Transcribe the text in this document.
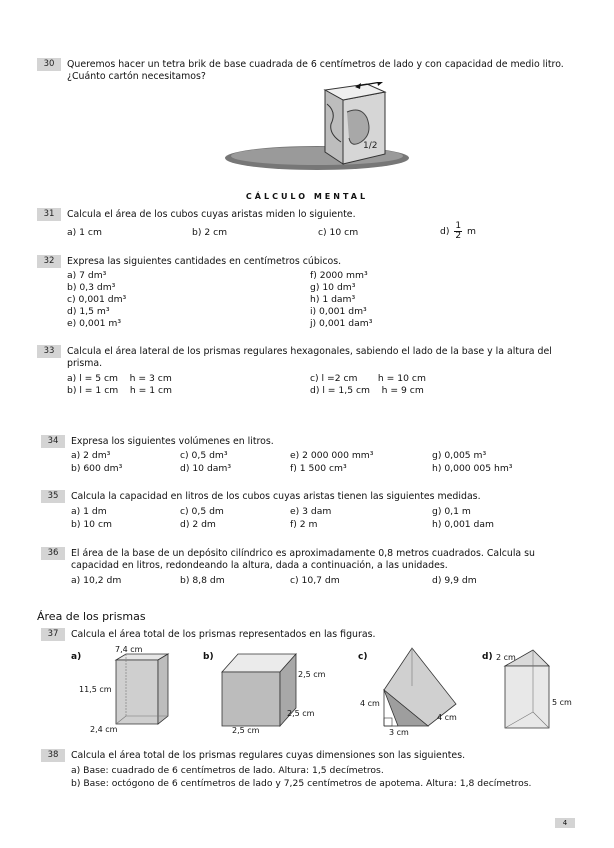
30	Queremos hacer un tetra brik de base cuadrada de 6 centímetros de lado y con capacidad de medio litro. ¿Cuánto cartón necesitamos?
1/2
CÁLCULO MENTAL
31	Calcula el área de los cubos cuyas aristas miden lo siguiente.
a) 1 cm	b) 2 cm	c) 10 cm	$d) \frac{1}{2}$ m
32	Expresa las siguientes cantidades en centímetros cúbicos.
a) 7 dm³
b) 0,3 dm³
c) 0,001 dm³
d) 1,5 m³
e) 0,001 m³
f) 2000 mm³
g) 10 dm³
h) 1 dam³
i) 0,001 dm³
j) 0,001 dam³
33	Calcula el área lateral de los prismas regulares hexagonales, sabiendo el lado de la base y la altura del prisma.
a) l = 5 cm    h = 3 cm
b) l = 1 cm    h = 1 cm
c) l =2 cm       h = 10 cm
d) l = 1,5 cm    h = 9 cm
34	Expresa los siguientes volúmenes en litros.
a) 2 dm³	c) 0,5 dm³	e) 2 000 000 mm³	g) 0,005 m³
b) 600 dm³	d) 10 dam³	f) 1 500 cm³	h) 0,000 005 hm³
35	Calcula la capacidad en litros de los cubos cuyas aristas tienen las siguientes medidas.
a) 1 dm	c) 0,5 dm	e) 3 dam	g) 0,1 m
b) 10 cm	d) 2 dm	f) 2 m	h) 0,001 dam
36	El área de la base de un depósito cilíndrico es aproximadamente 0,8 metros cuadrados. Calcula su capacidad en litros, redondeando la altura, dada a continuación, a las unidades.
a) 10,2 dm	b) 8,8 dm	c) 10,7 dm	d) 9,9 dm
Área de los prismas
37	Calcula el área total de los prismas representados en las figuras.
a)
7,4 cm
11,5 cm
2,4 cm
b)
2,5 cm
2,5 cm
2,5 cm
c)
4 cm
4 cm
3 cm
d) 2 cm
5 cm
38	Calcula el área total de los prismas regulares cuyas dimensiones son las siguientes.
a) Base: cuadrado de 6 centímetros de lado. Altura: 1,5 decímetros.
b) Base: octógono de 6 centímetros de lado y 7,25 centímetros de apotema. Altura: 1,8 decímetros.
4
